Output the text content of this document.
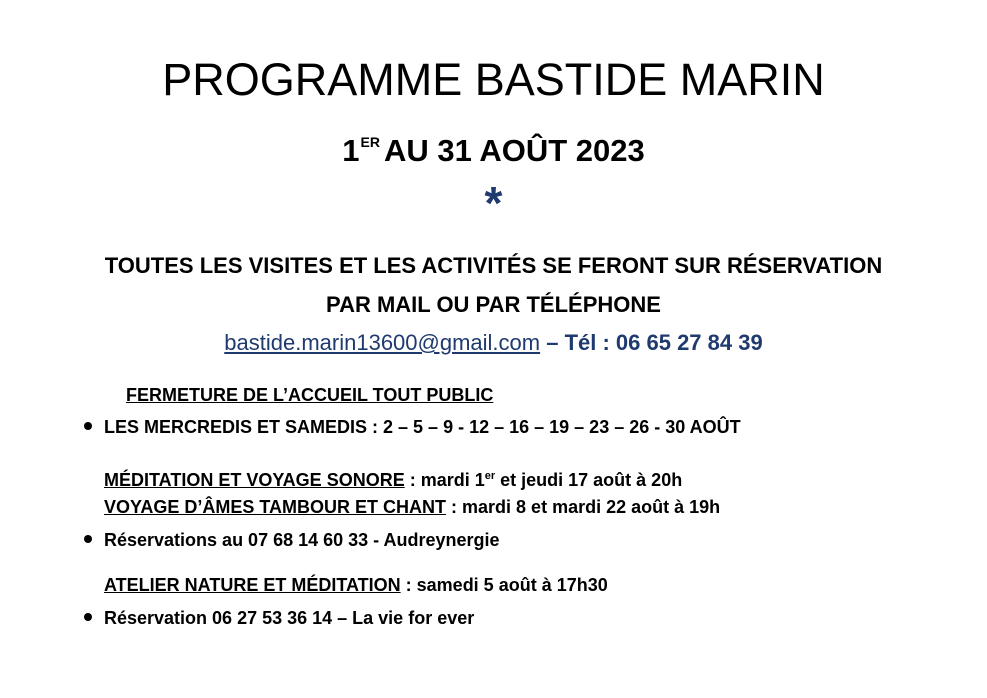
PROGRAMME BASTIDE MARIN
1ER AU 31 AOÛT 2023
*

TOUTES LES VISITES ET LES ACTIVITÉS SE FERONT SUR RÉSERVATION

PAR MAIL OU PAR TÉLÉPHONE

bastide.marin13600@gmail.com – Tél : 06 65 27 84 39
FERMETURE DE L’ACCUEIL TOUT PUBLIC
LES MERCREDIS ET SAMEDIS : 2 – 5 – 9 - 12 – 16 – 19 – 23 – 26 - 30 AOÛT
MÉDITATION ET VOYAGE SONORE : mardi 1er et jeudi 17 août à 20h
VOYAGE D’ÂMES TAMBOUR ET CHANT : mardi 8 et mardi 22 août à 19h
Réservations au 07 68 14 60 33 - Audreynergie
ATELIER NATURE ET MÉDITATION : samedi 5 août à 17h30
Réservation 06 27 53 36 14 – La vie for ever
